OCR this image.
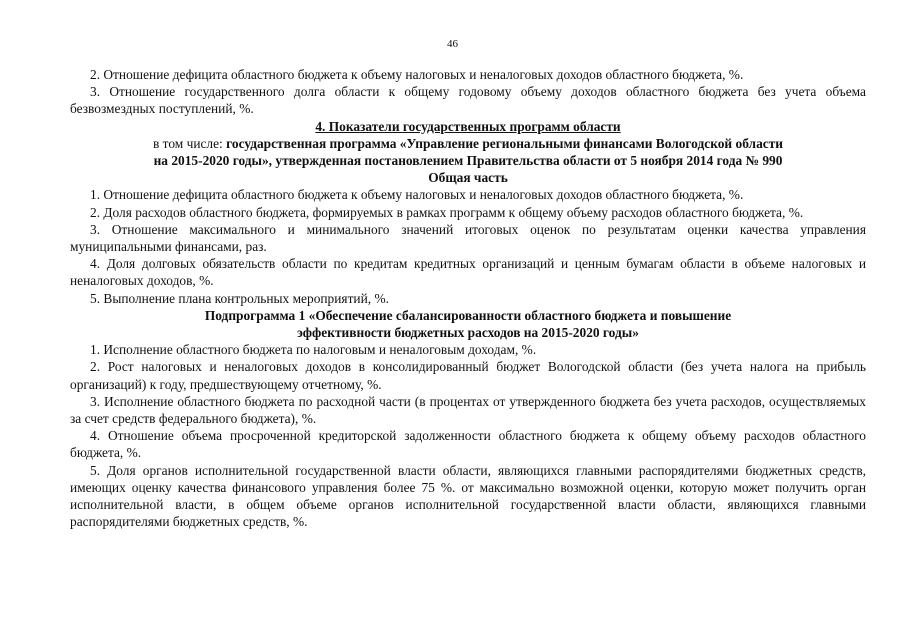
46

2. Отношение дефицита областного бюджета к объему налоговых и неналоговых доходов областного бюджета, %.

3. Отношение государственного долга области к общему годовому объему доходов областного бюджета без учета объема безвозмездных поступлений, %.

4. Показатели государственных программ области

в том числе: государственная программа «Управление региональными финансами Вологодской области

на 2015-2020 годы», утвержденная постановлением Правительства области от 5 ноября 2014 года № 990

Общая часть

1. Отношение дефицита областного бюджета к объему налоговых и неналоговых доходов областного бюджета, %.

2. Доля расходов областного бюджета, формируемых в рамках программ к общему объему расходов областного бюджета, %.

3. Отношение максимального и минимального значений итоговых оценок по результатам оценки качества управления муниципальными финансами, раз.

4. Доля долговых обязательств области по кредитам кредитных организаций и ценным бумагам области в объеме налоговых и неналоговых доходов, %.

5. Выполнение плана контрольных мероприятий, %.

Подпрограмма 1 «Обеспечение сбалансированности областного бюджета и повышение

эффективности бюджетных расходов на 2015-2020 годы»

1. Исполнение областного бюджета по налоговым и неналоговым доходам, %.

2. Рост налоговых и неналоговых доходов в консолидированный бюджет Вологодской области (без учета налога на прибыль организаций) к году, предшествующему отчетному, %.

3. Исполнение областного бюджета по расходной части (в процентах от утвержденного бюджета без учета расходов, осуществляемых за счет средств федерального бюджета), %.

4. Отношение объема просроченной кредиторской задолженности областного бюджета к общему объему расходов областного бюджета, %.

5. Доля органов исполнительной государственной власти области, являющихся главными распорядителями бюджетных средств, имеющих оценку качества финансового управления более 75 %. от максимально возможной оценки, которую может получить орган исполнительной власти, в общем объеме органов исполнительной государственной власти области, являющихся главными распорядителями бюджетных средств, %.
